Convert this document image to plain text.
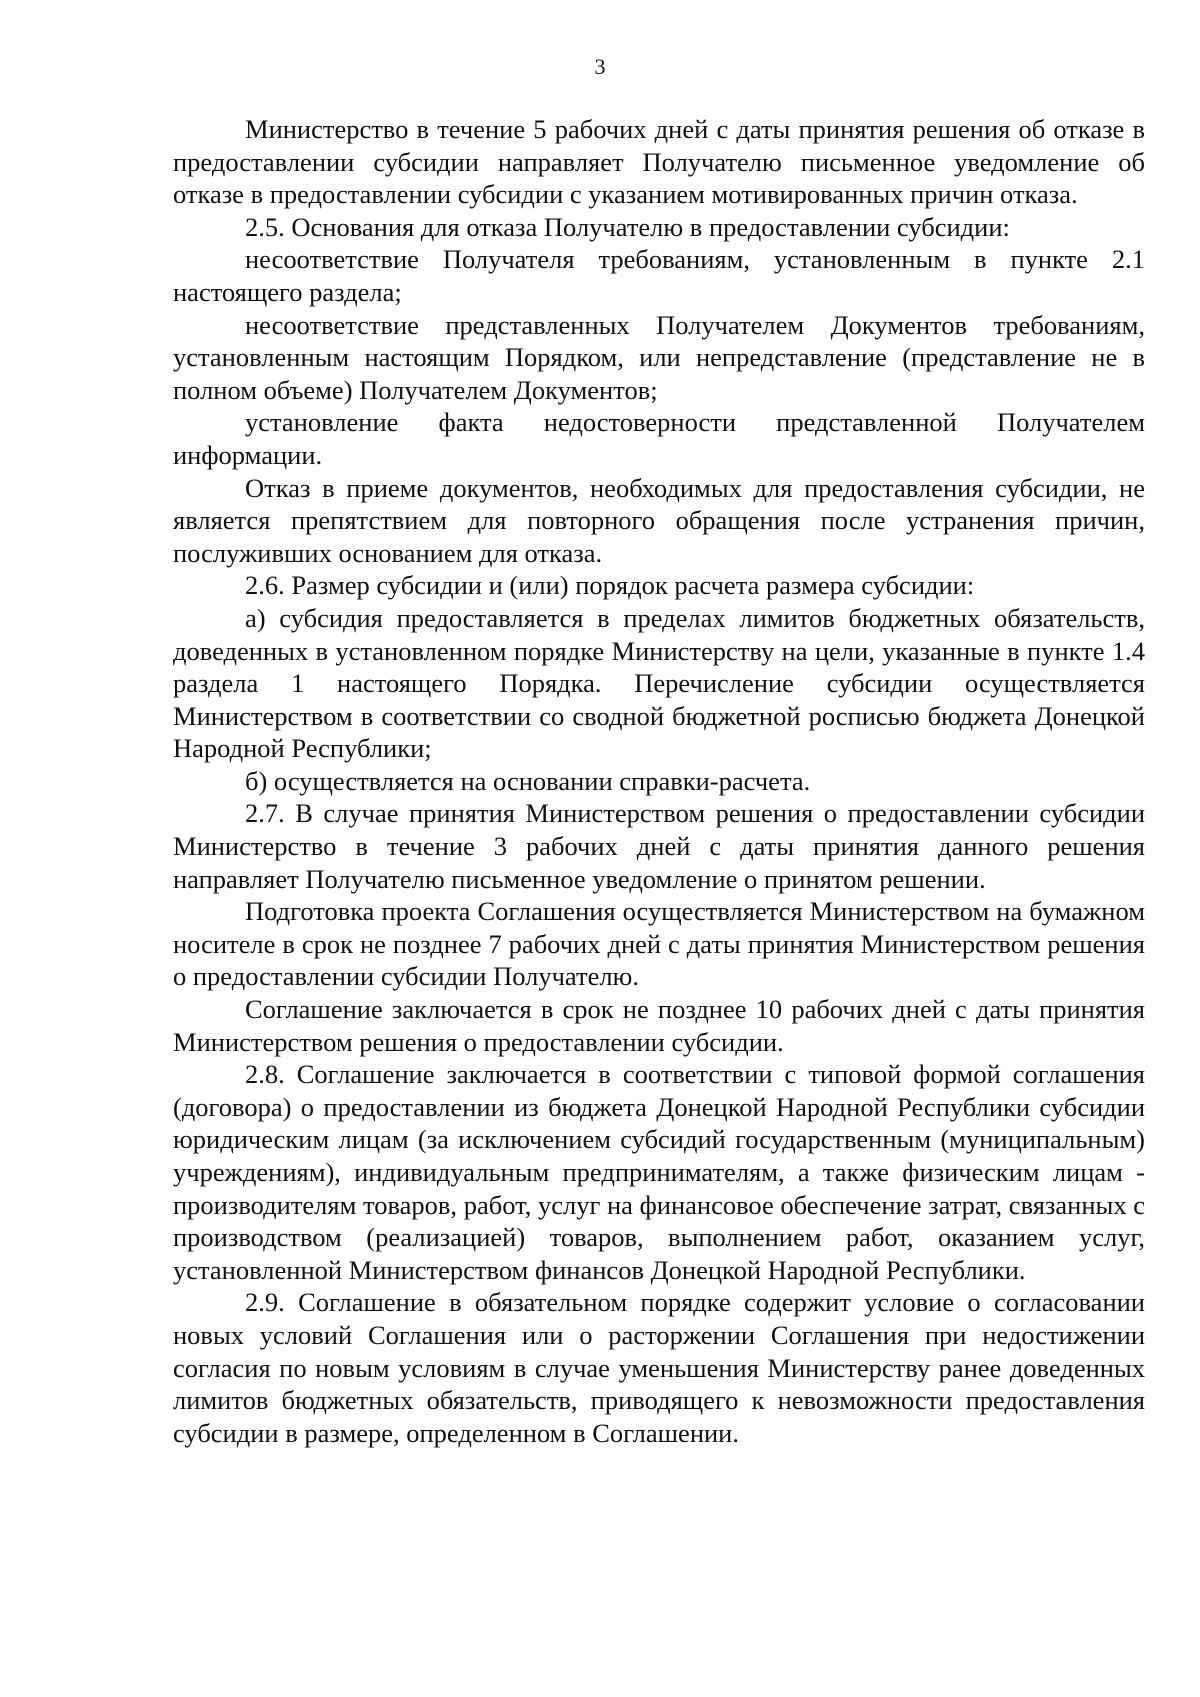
3

Министерство в течение 5 рабочих дней с даты принятия решения об отказе в предоставлении субсидии направляет Получателю письменное уведомление об отказе в предоставлении субсидии с указанием мотивированных причин отказа.

2.5. Основания для отказа Получателю в предоставлении субсидии:

несоответствие Получателя требованиям, установленным в пункте 2.1 настоящего раздела;

несоответствие представленных Получателем Документов требованиям, установленным настоящим Порядком, или непредставление (представление не в полном объеме) Получателем Документов;

установление факта недостоверности представленной Получателем информации.

Отказ в приеме документов, необходимых для предоставления субсидии, не является препятствием для повторного обращения после устранения причин, послуживших основанием для отказа.

2.6. Размер субсидии и (или) порядок расчета размера субсидии:

а) субсидия предоставляется в пределах лимитов бюджетных обязательств, доведенных в установленном порядке Министерству на цели, указанные в пункте 1.4 раздела 1 настоящего Порядка. Перечисление субсидии осуществляется Министерством в соответствии со сводной бюджетной росписью бюджета Донецкой Народной Республики;

б) осуществляется на основании справки-расчета.

2.7. В случае принятия Министерством решения о предоставлении субсидии Министерство в течение 3 рабочих дней с даты принятия данного решения направляет Получателю письменное уведомление о принятом решении.

Подготовка проекта Соглашения осуществляется Министерством на бумажном носителе в срок не позднее 7 рабочих дней с даты принятия Министерством решения о предоставлении субсидии Получателю.

Соглашение заключается в срок не позднее 10 рабочих дней с даты принятия Министерством решения о предоставлении субсидии.

2.8. Соглашение заключается в соответствии с типовой формой соглашения (договора) о предоставлении из бюджета Донецкой Народной Республики субсидии юридическим лицам (за исключением субсидий государственным (муниципальным) учреждениям), индивидуальным предпринимателям, а также физическим лицам - производителям товаров, работ, услуг на финансовое обеспечение затрат, связанных с производством (реализацией) товаров, выполнением работ, оказанием услуг, установленной Министерством финансов Донецкой Народной Республики.

2.9. Соглашение в обязательном порядке содержит условие о согласовании новых условий Соглашения или о расторжении Соглашения при недостижении согласия по новым условиям в случае уменьшения Министерству ранее доведенных лимитов бюджетных обязательств, приводящего к невозможности предоставления субсидии в размере, определенном в Соглашении.
